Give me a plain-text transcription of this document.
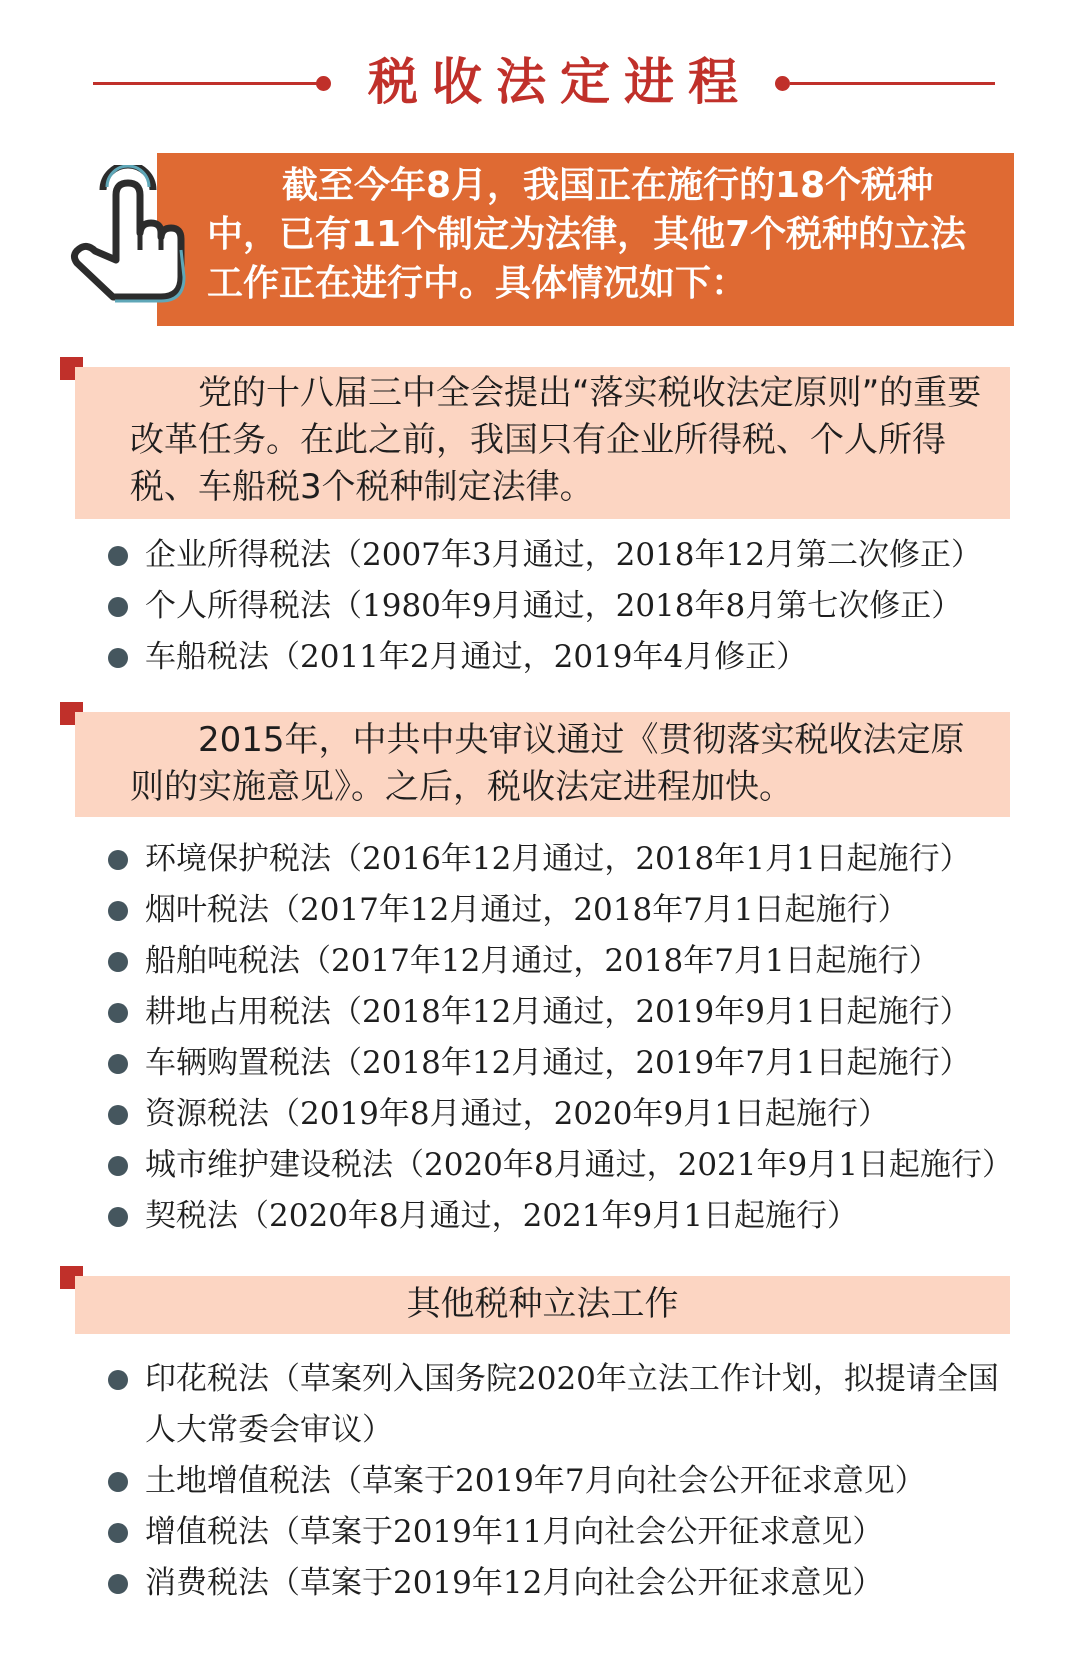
税收法定进程
截至今年8月，我国正在施行的18个税种中，已有11个制定为法律，其他7个税种的立法工作正在进行中。具体情况如下：
党的十八届三中全会提出“落实税收法定原则”的重要改革任务。在此之前，我国只有企业所得税、个人所得税、车船税3个税种制定法律。
企业所得税法（2007年3月通过，2018年12月第二次修正）
个人所得税法（1980年9月通过，2018年8月第七次修正）
车船税法（2011年2月通过，2019年4月修正）
2015年，中共中央审议通过《贯彻落实税收法定原则的实施意见》。之后，税收法定进程加快。
环境保护税法（2016年12月通过，2018年1月1日起施行）
烟叶税法（2017年12月通过，2018年7月1日起施行）
船舶吨税法（2017年12月通过，2018年7月1日起施行）
耕地占用税法（2018年12月通过，2019年9月1日起施行）
车辆购置税法（2018年12月通过，2019年7月1日起施行）
资源税法（2019年8月通过，2020年9月1日起施行）
城市维护建设税法（2020年8月通过，2021年9月1日起施行）
契税法（2020年8月通过，2021年9月1日起施行）
其他税种立法工作
印花税法（草案列入国务院2020年立法工作计划，拟提请全国人大常委会审议）
土地增值税法（草案于2019年7月向社会公开征求意见）
增值税法（草案于2019年11月向社会公开征求意见）
消费税法（草案于2019年12月向社会公开征求意见）
